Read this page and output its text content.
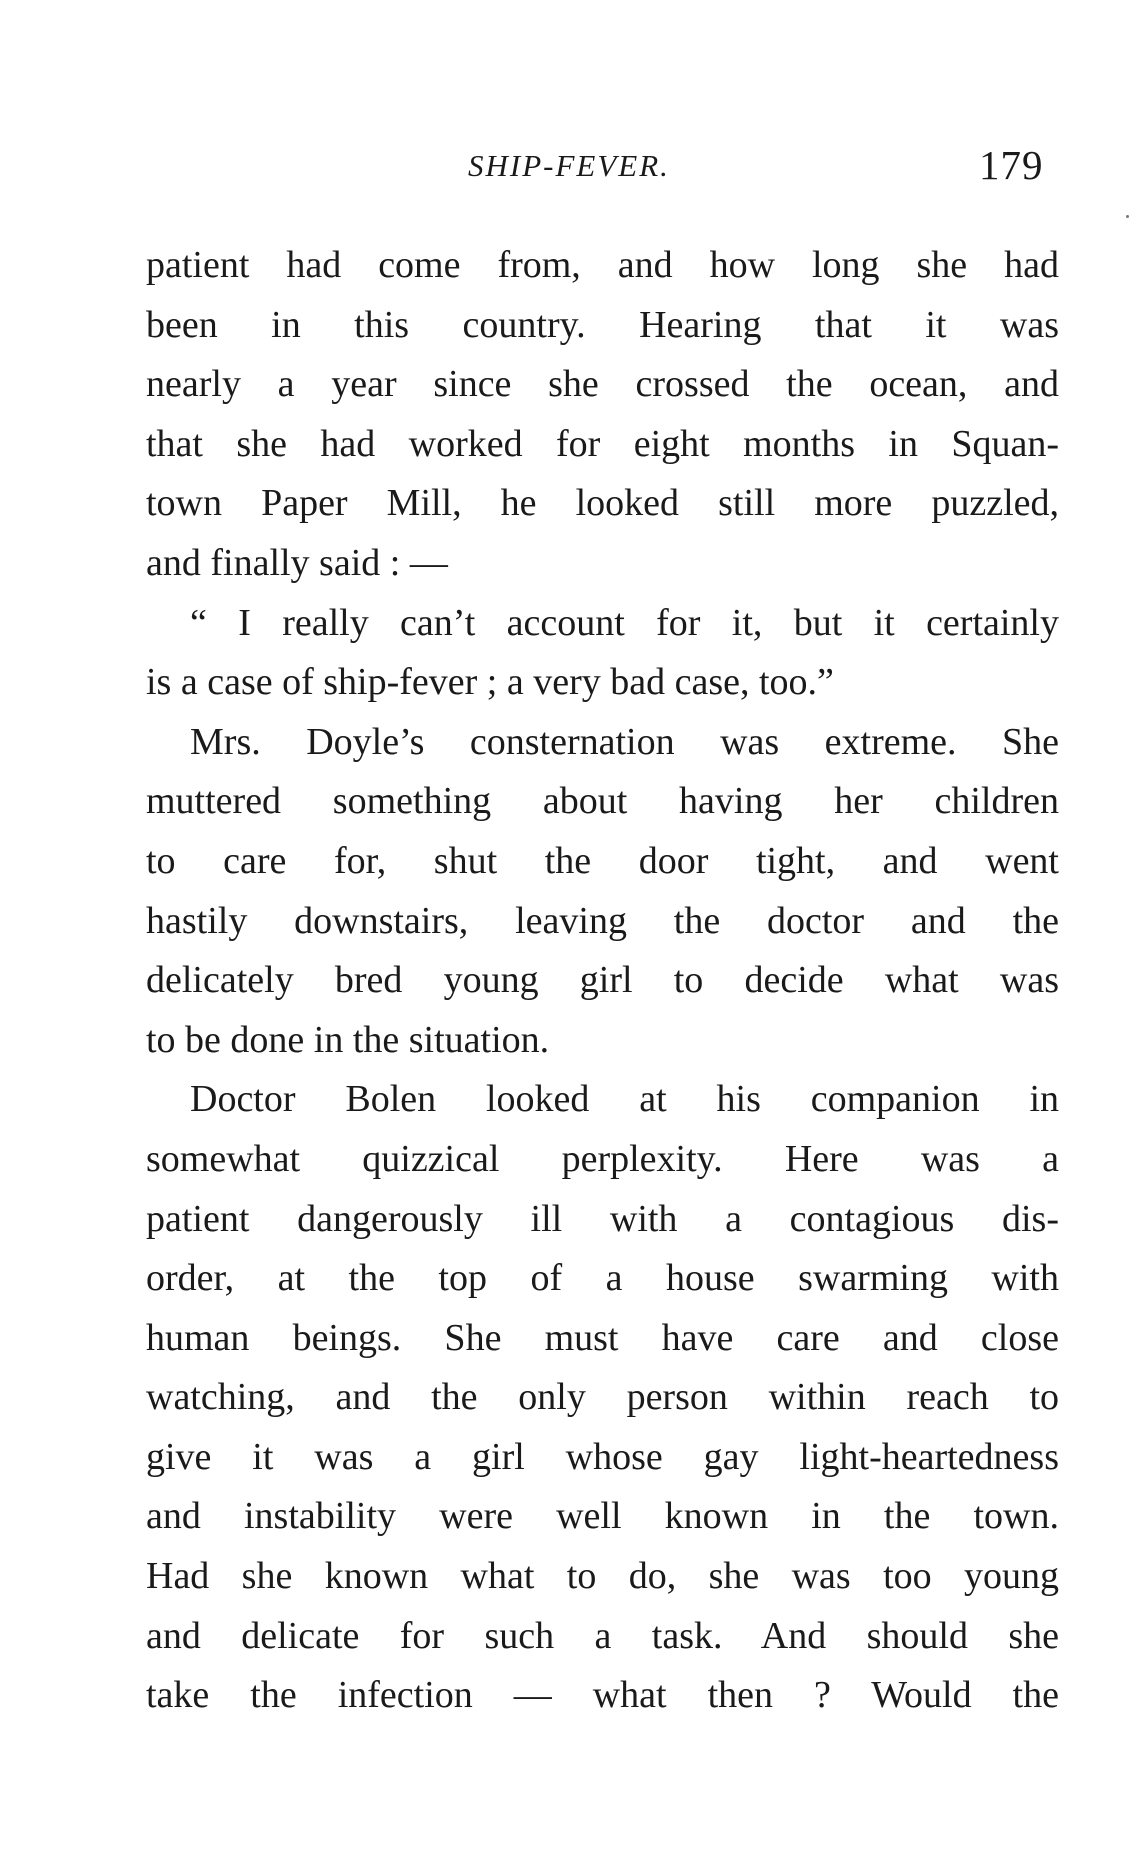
SHIP-FEVER.	179
patient had come from, and how long she had
been in this country. Hearing that it was
nearly a year since she crossed the ocean, and
that she had worked for eight months in Squan-
town Paper Mill, he looked still more puzzled,
and finally said : —
“ I really can’t account for it, but it certainly
is a case of ship-fever ; a very bad case, too.”
Mrs. Doyle’s consternation was extreme. She
muttered something about having her children
to care for, shut the door tight, and went
hastily downstairs, leaving the doctor and the
delicately bred young girl to decide what was
to be done in the situation.
Doctor Bolen looked at his companion in
somewhat quizzical perplexity. Here was a
patient dangerously ill with a contagious dis-
order, at the top of a house swarming with
human beings. She must have care and close
watching, and the only person within reach to
give it was a girl whose gay light-heartedness
and instability were well known in the town.
Had she known what to do, she was too young
and delicate for such a task. And should she
take the infection — what then ? Would the
